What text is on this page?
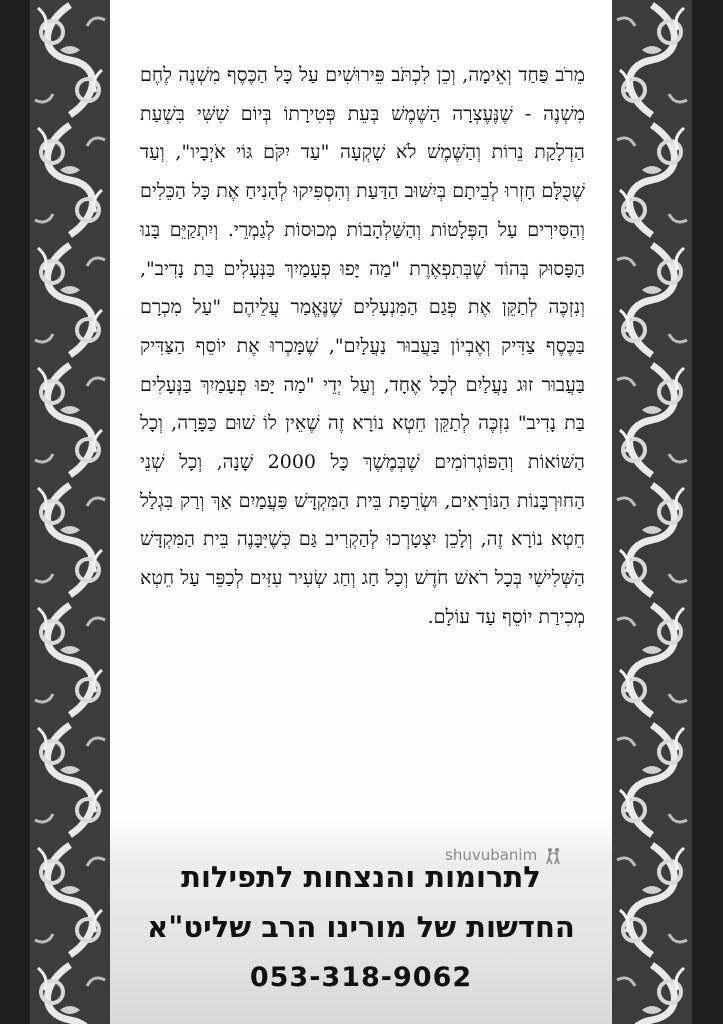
מֵרֹב פַּחַד וְאֵימָה, וְכֵן לִכְתֹּב פֵּירוּשִׁים עַל כָּל הַכֶּסֶף מִשְׁנֶה לֶחֶם מִשְׁנֶה - שֶׁנֶּעֶצְרָה הַשֶּׁמֶשׁ בְּעֵת פְּטִירָתוֹ בְּיוֹם שִׁשִּׁי בִּשְׁעַת הַדְלָקַת נֵרוֹת וְהַשֶּׁמֶשׁ לֹא שָׁקְעָה "עַד יִקֹּם גּוֹי אֹיְבָיו", וְעַד שֶׁכֻּלָּם חָזְרוּ לְבֵיתָם בְּיִשּׁוּב הַדַּעַת וְהִסְפִּיקוּ לְהָנִיחַ אֶת כָּל הַכֵּלִים וְהַסִּירִים עַל הַפְּלָטוֹת וְהַשַּׁלְהָבוֹת מְכוּסוֹת לְגַמְרֵי. וְיִתְקַיֵּם בָּנוּ הַפָּסוּק בְּהוֹד שֶׁבְּתִפְאֶרֶת "מַה יָּפוּ פְעָמַיִךְ בַּנְּעָלִים בַּת נָדִיב", וְנִזְכֶּה לְתַקֵּן אֶת פְּגַם הַמִּנְעָלִים שֶׁנֶּאֱמַר עֲלֵיהֶם "עַל מִכְרָם בַּכֶּסֶף צַדִּיק וְאֶבְיוֹן בַּעֲבוּר נַעֲלָיִם", שֶׁמָּכְרוּ אֶת יוֹסֵף הַצַּדִּיק בַּעֲבוּר זוּג נַעֲלַיִם לְכָל אֶחָד, וְעַל יְדֵי "מַה יָּפוּ פְעָמַיִךְ בַּנְּעָלִים בַּת נָדִיב" נִזְכֶּה לְתַקֵּן חֵטְא נוֹרָא זֶה שֶׁאֵין לוֹ שׁוּם כַּפָּרָה, וְכָל הַשּׁוֹאוֹת וְהַפּוֹגְרוֹמִים שֶׁבְּמֶשֶׁךְ כָּל 2000 שָׁנָה, וְכָל שְׁנֵי הַחוּרְבָּנוֹת הַנּוֹרָאִים, וּשְׂרֵפַת בֵּית הַמִּקְדָּשׁ פַּעֲמַיִם אַךְ וְרַק בִּגְלַל חֵטְא נוֹרָא זֶה, וְלָכֵן יִצְטָרְכוּ לְהַקְרִיב גַּם כְּשֶׁיִּבָּנֶה בֵּית הַמִּקְדָּשׁ הַשְּׁלִישִׁי בְּכָל רֹאשׁ חֹדֶשׁ וְכָל חַג וְחַג שְׂעִיר עִזִּים לְכַפֵּר עַל חֵטְא מְכִירַת יוֹסֵף עַד עוֹלָם.

shuvubanim
לתרומות והנצחות לתפילות
החדשות של מורינו הרב שליט"א
053-318-9062
